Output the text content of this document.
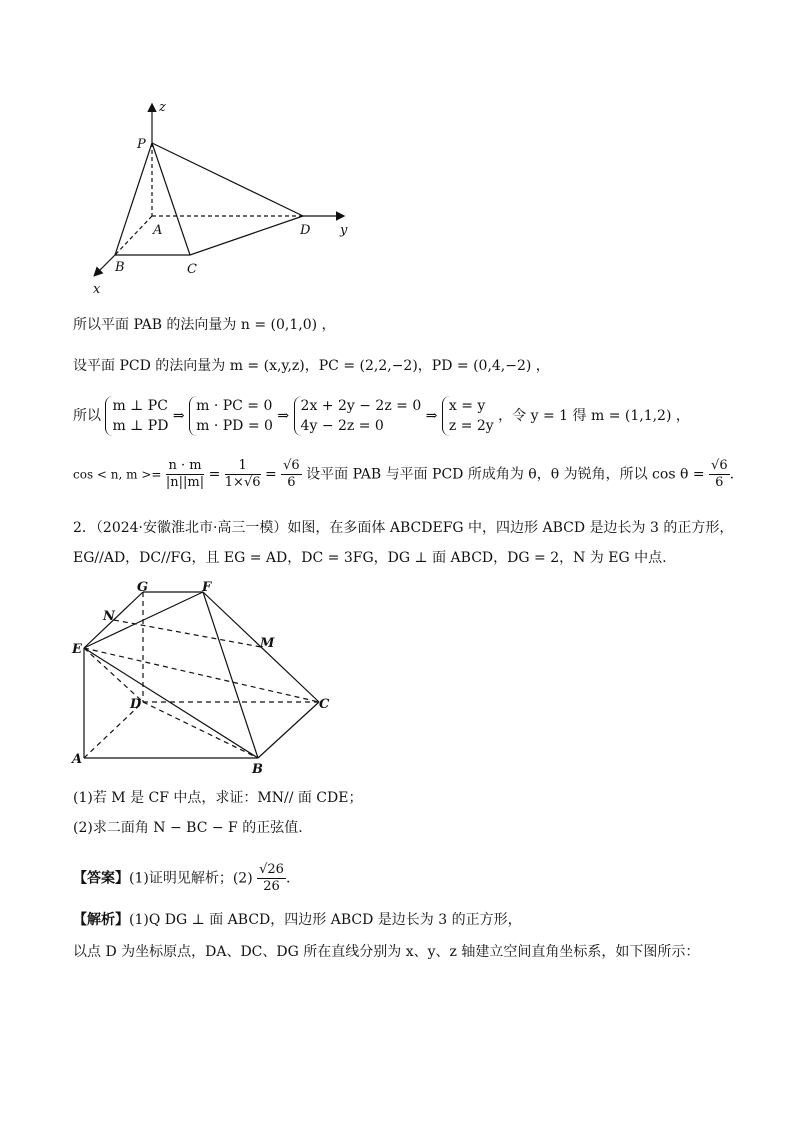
z
P
A	D y
B	C
x
所以平面 PAB 的法向量为 n = (0,1,0) ，
设平面 PCD 的法向量为 m = (x,y,z)，PC = (2,2,−2)，PD = (0,4,−2) ，
所以 m ⊥ PC
m ⊥ PD ⇒ m · PC = 0
m · PD = 0 ⇒ 2x + 2y − 2z = 0
4y − 2z = 0 ⇒ x = y
z = 2y ，令 y = 1 得 m = (1,1,2) ，
cos < n, $m >= \frac{n \cdot m}{|n||m|} = \frac{1}{1\times√6} = \frac{√6}{6}$ 设平面 PAB 与平面 PCD 所成角为 θ，θ 为锐角，所以 $\cos \theta = \frac{√6}{6}$ .
2．（2024·安徽淮北市·高三一模）如图，在多面体 ABCDEFG 中，四边形 ABCD 是边长为 3 的正方形，
EG//AD，DC//FG，且 EG = AD，DC = 3FG，DG ⊥ 面 ABCD，DG = 2，N 为 EG 中点.
G	F
N
M
E
D	C
A
B
(1)若 M 是 CF 中点，求证：MN// 面 CDE；
(2)求二面角 N − BC − F 的正弦值.
【答案】(1)证明见解析；$(2) \frac{√26}{26}$ .
【解析】(1)Q DG ⊥ 面 ABCD，四边形 ABCD 是边长为 3 的正方形，
以点 D 为坐标原点，DA、DC、DG 所在直线分别为 x、y、z 轴建立空间直角坐标系，如下图所示：
